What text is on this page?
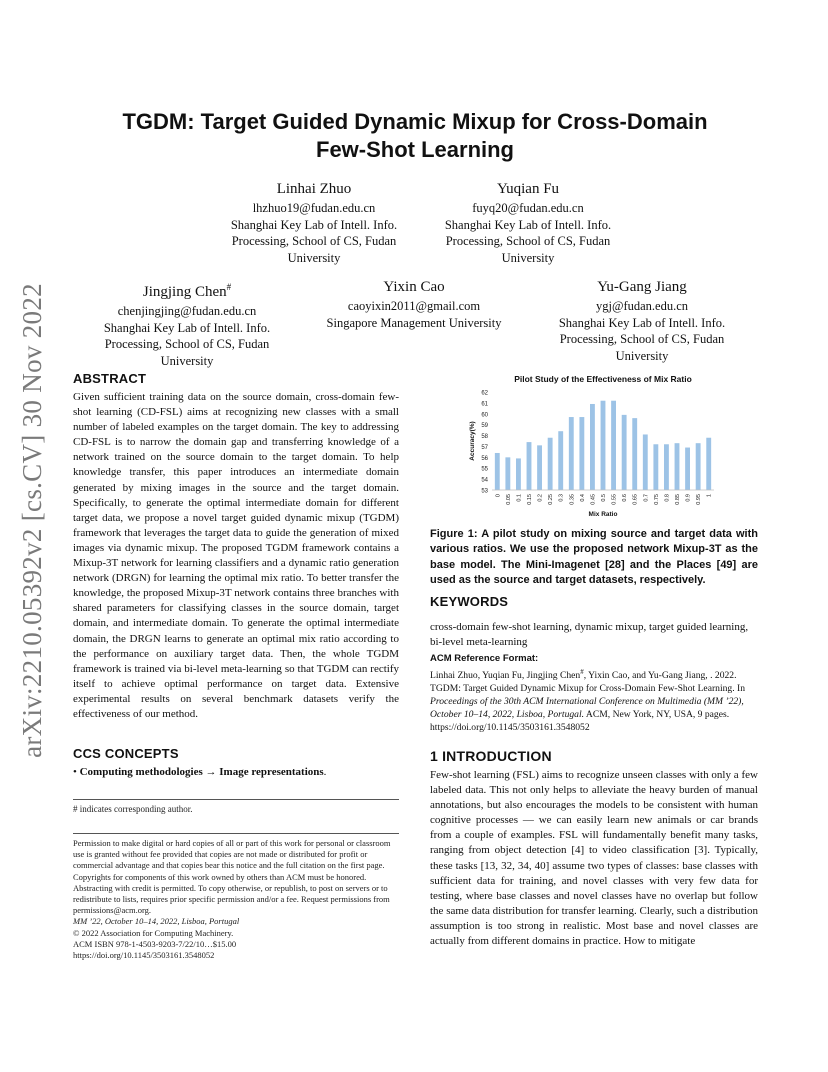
arXiv:2210.05392v2 [cs.CV] 30 Nov 2022
TGDM: Target Guided Dynamic Mixup for Cross-Domain
Few-Shot Learning
Linhai Zhuo
lhzhuo19@fudan.edu.cn
Shanghai Key Lab of Intell. Info.
Processing, School of CS, Fudan
University
Yuqian Fu
fuyq20@fudan.edu.cn
Shanghai Key Lab of Intell. Info.
Processing, School of CS, Fudan
University
Jingjing Chen#
chenjingjing@fudan.edu.cn
Shanghai Key Lab of Intell. Info.
Processing, School of CS, Fudan
University
Yixin Cao
caoyixin2011@gmail.com
Singapore Management University
Yu-Gang Jiang
ygj@fudan.edu.cn
Shanghai Key Lab of Intell. Info.
Processing, School of CS, Fudan
University
ABSTRACT
Given sufficient training data on the source domain, cross-domain few-shot learning (CD-FSL) aims at recognizing new classes with a small number of labeled examples on the target domain. The key to addressing CD-FSL is to narrow the domain gap and transferring knowledge of a network trained on the source domain to the target domain. To help knowledge transfer, this paper introduces an intermediate domain generated by mixing images in the source and the target domain. Specifically, to generate the optimal intermediate domain for different target data, we propose a novel target guided dynamic mixup (TGDM) framework that leverages the target data to guide the generation of mixed images via dynamic mixup. The proposed TGDM framework contains a Mixup-3T network for learning classifiers and a dynamic ratio generation network (DRGN) for learning the optimal mix ratio. To better transfer the knowledge, the proposed Mixup-3T network contains three branches with shared parameters for classifying classes in the source domain, target domain, and intermediate domain. To generate the optimal intermediate domain, the DRGN learns to generate an optimal mix ratio according to the performance on auxiliary target data. Then, the whole TGDM framework is trained via bi-level meta-learning so that TGDM can rectify itself to achieve optimal performance on target data. Extensive experimental results on several benchmark datasets verify the effectiveness of our method.
CCS CONCEPTS
• Computing methodologies → Image representations.
# indicates corresponding author.

Permission to make digital or hard copies of all or part of this work for personal or classroom use is granted without fee provided that copies are not made or distributed for profit or commercial advantage and that copies bear this notice and the full citation on the first page. Copyrights for components of this work owned by others than ACM must be honored. Abstracting with credit is permitted. To copy otherwise, or republish, to post on servers or to redistribute to lists, requires prior specific permission and/or a fee. Request permissions from permissions@acm.org.

MM ’22, October 10–14, 2022, Lisboa, Portugal

© 2022 Association for Computing Machinery.

ACM ISBN 978-1-4503-9203-7/22/10…$15.00

https://doi.org/10.1145/3503161.3548052

Pilot Study of the Effectiveness of Mix Ratio
53
54
55
56
57
58
59
60
61
62
Accuracy(%)
0 0.05 0.1 0.15 0.2 0.25 0.3 0.35 0.4 0.45 0.5 0.55 0.6 0.65 0.7 0.75 0.8 0.85 0.9 0.95 1
Mix Ratio
Figure 1: A pilot study on mixing source and target data with various ratios. We use the proposed network Mixup-3T as the base model. The Mini-Imagenet [28] and the Places [49] are used as the source and target datasets, respectively.
KEYWORDS
cross-domain few-shot learning, dynamic mixup, target guided learning, bi-level meta-learning
ACM Reference Format:
Linhai Zhuo, Yuqian Fu, Jingjing Chen#, Yixin Cao, and Yu-Gang Jiang, . 2022. TGDM: Target Guided Dynamic Mixup for Cross-Domain Few-Shot Learning. In Proceedings of the 30th ACM International Conference on Multimedia (MM ’22), October 10–14, 2022, Lisboa, Portugal. ACM, New York, NY, USA, 9 pages. https://doi.org/10.1145/3503161.3548052
1 INTRODUCTION
Few-shot learning (FSL) aims to recognize unseen classes with only a few labeled data. This not only helps to alleviate the heavy burden of manual annotations, but also encourages the models to be consistent with human cognitive processes — we can easily learn new animals or car brands from a couple of examples. FSL will fundamentally benefit many tasks, ranging from object detection [4] to video classification [3]. Typically, these tasks [13, 32, 34, 40] assume two types of classes: base classes with sufficient data for training, and novel classes with very few data for testing, where base classes and novel classes have no overlap but follow the same data distribution for transfer learning. Clearly, such a distribution assumption is too strong in realistic. Most base and novel classes are actually from different domains in practice. How to mitigate
